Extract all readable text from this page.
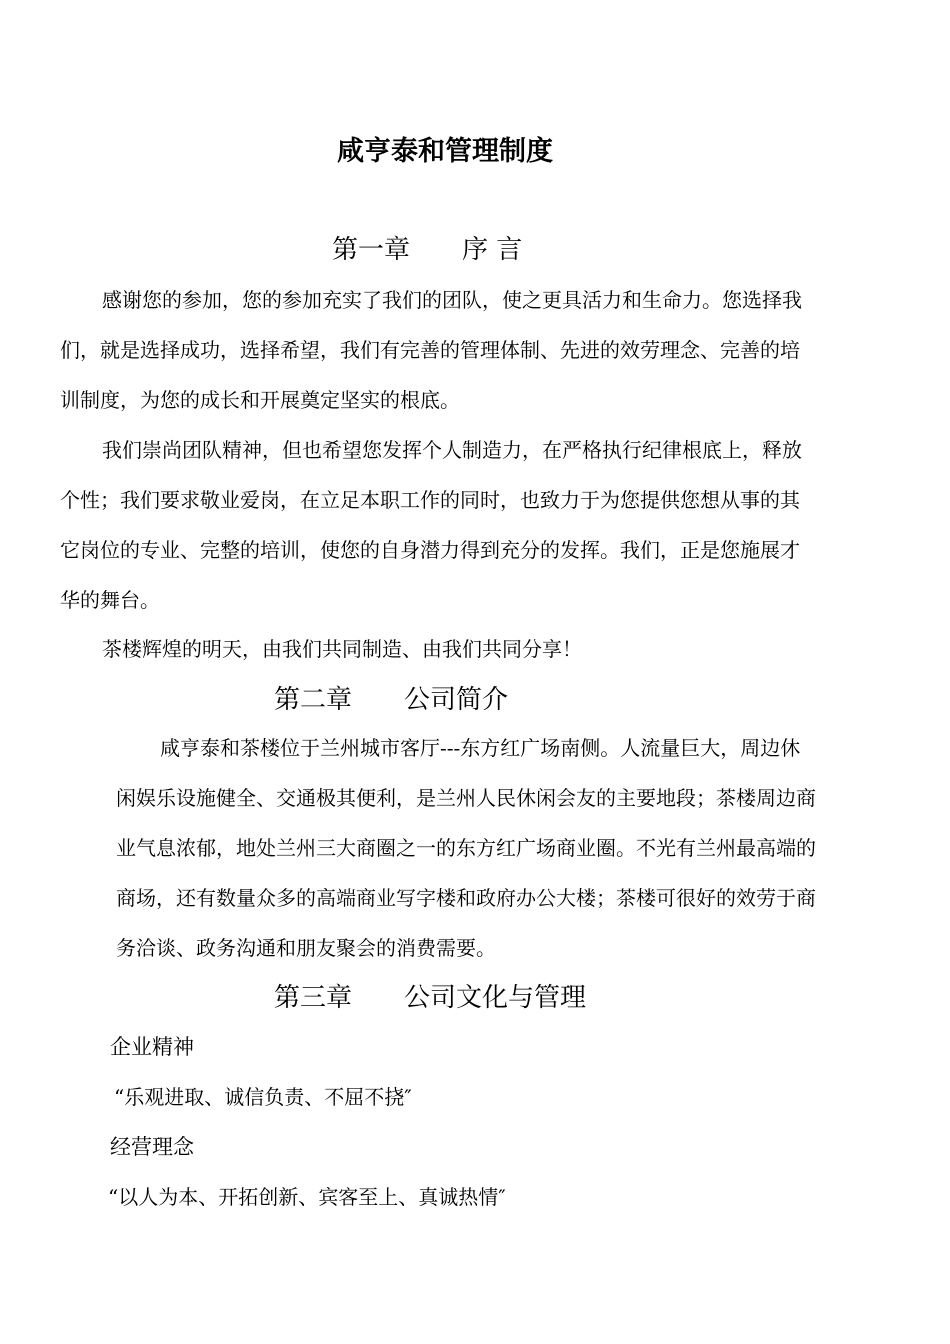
咸亨泰和管理制度
第一章　　序 言
感谢您的参加，您的参加充实了我们的团队，使之更具活力和生命力。您选择我
们，就是选择成功，选择希望，我们有完善的管理体制、先进的效劳理念、完善的培
训制度，为您的成长和开展奠定坚实的根底。
我们崇尚团队精神，但也希望您发挥个人制造力，在严格执行纪律根底上，释放
个性；我们要求敬业爱岗，在立足本职工作的同时，也致力于为您提供您想从事的其
它岗位的专业、完整的培训，使您的自身潜力得到充分的发挥。我们，正是您施展才
华的舞台。
茶楼辉煌的明天，由我们共同制造、由我们共同分享！
第二章　　公司简介
咸亨泰和茶楼位于兰州城市客厅---东方红广场南侧。人流量巨大，周边休
闲娱乐设施健全、交通极其便利，是兰州人民休闲会友的主要地段；茶楼周边商
业气息浓郁，地处兰州三大商圈之一的东方红广场商业圈。不光有兰州最高端的
商场，还有数量众多的高端商业写字楼和政府办公大楼；茶楼可很好的效劳于商
务洽谈、政务沟通和朋友聚会的消费需要。
第三章　　公司文化与管理
企业精神

“乐观进取、诚信负责、不屈不挠″

经营理念

“以人为本、开拓创新、宾客至上、真诚热情″
